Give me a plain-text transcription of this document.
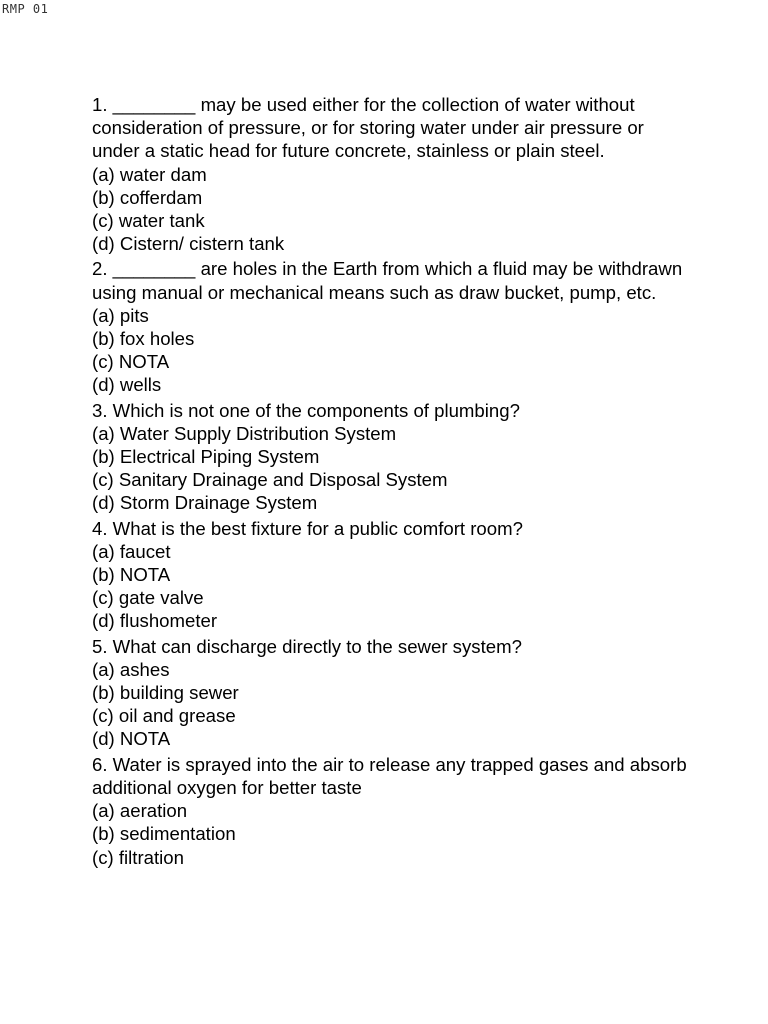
RMP 01

1. ________ may be used either for the collection of water without consideration of pressure, or for storing water under air pressure or under a static head for future concrete, stainless or plain steel.

(a) water dam

(b) cofferdam

(c) water tank

(d) Cistern/ cistern tank

2. ________ are holes in the Earth from which a fluid may be withdrawn using manual or mechanical means such as draw bucket, pump, etc.

(a) pits

(b) fox holes

(c) NOTA

(d) wells

3. Which is not one of the components of plumbing?

(a) Water Supply Distribution System

(b) Electrical Piping System

(c) Sanitary Drainage and Disposal System

(d) Storm Drainage System

4. What is the best fixture for a public comfort room?

(a) faucet

(b) NOTA

(c) gate valve

(d) flushometer

5. What can discharge directly to the sewer system?

(a) ashes

(b) building sewer

(c) oil and grease

(d) NOTA

6. Water is sprayed into the air to release any trapped gases and absorb additional oxygen for better taste

(a) aeration

(b) sedimentation

(c) filtration
